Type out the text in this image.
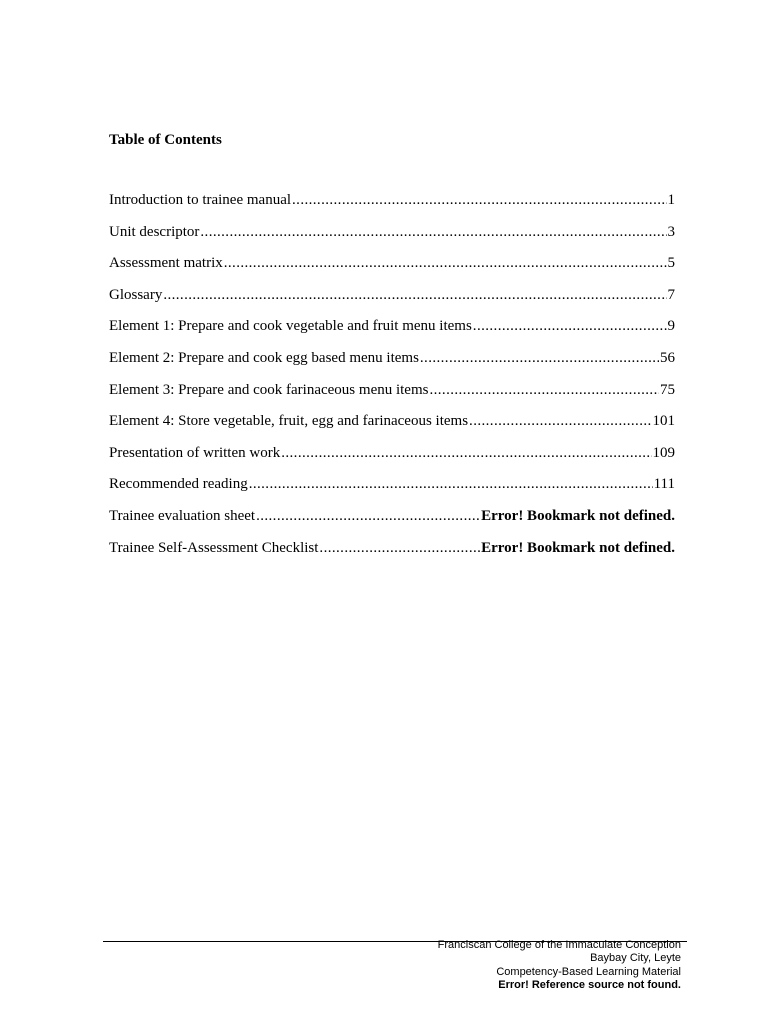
Table of Contents
Introduction to trainee manual .....	1
Unit descriptor .....	3
Assessment matrix .....	5
Glossary .....	7
Element 1: Prepare and cook vegetable and fruit menu items .....	9
Element 2: Prepare and cook egg based menu items .....	56
Element 3: Prepare and cook farinaceous menu items .....	75
Element 4: Store vegetable, fruit, egg and farinaceous items .....	101
Presentation of written work .....	109
Recommended reading .....	111
Trainee evaluation sheet .....	Error! Bookmark not defined.
Trainee Self-Assessment Checklist .....	Error! Bookmark not defined.
Franciscan College of the Immaculate Conception
Baybay City, Leyte
Competency-Based Learning Material
Error! Reference source not found.
